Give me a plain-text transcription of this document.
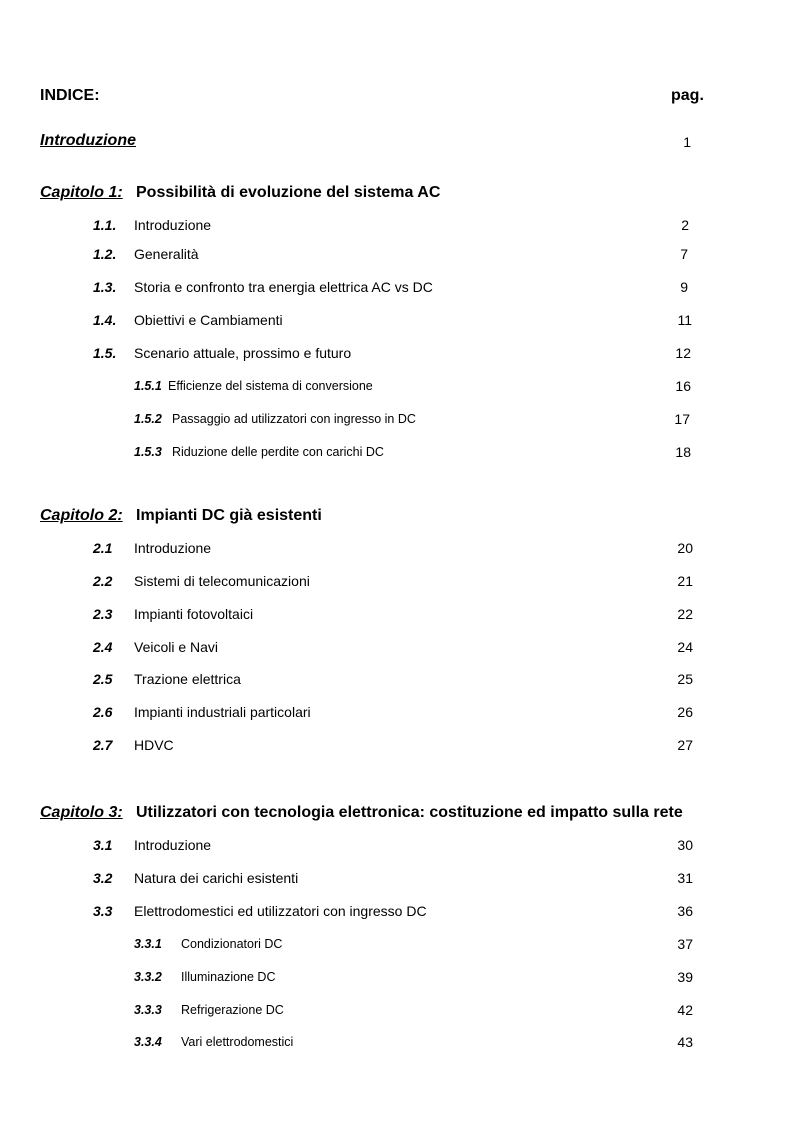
INDICE:	pag.
Introduzione	1
Capitolo 1: Possibilità di evoluzione del sistema AC
1.1. Introduzione	2
1.2. Generalità	7
1.3. Storia e confronto tra energia elettrica AC vs DC	9
1.4. Obiettivi e Cambiamenti	11
1.5. Scenario attuale, prossimo e futuro	12
1.5.1 Efficienze del sistema di conversione	16
1.5.2 Passaggio ad utilizzatori con ingresso in DC	17
1.5.3 Riduzione delle perdite con carichi DC	18
Capitolo 2: Impianti DC già esistenti
2.1 Introduzione	20
2.2 Sistemi di telecomunicazioni	21
2.3 Impianti fotovoltaici	22
2.4 Veicoli e Navi	24
2.5 Trazione elettrica	25
2.6 Impianti industriali particolari	26
2.7 HDVC	27
Capitolo 3: Utilizzatori con tecnologia elettronica: costituzione ed impatto sulla rete
3.1 Introduzione	30
3.2 Natura dei carichi esistenti	31
3.3 Elettrodomestici ed utilizzatori con ingresso DC	36
3.3.1 Condizionatori DC	37
3.3.2 Illuminazione DC	39
3.3.3 Refrigerazione DC	42
3.3.4 Vari elettrodomestici	43
